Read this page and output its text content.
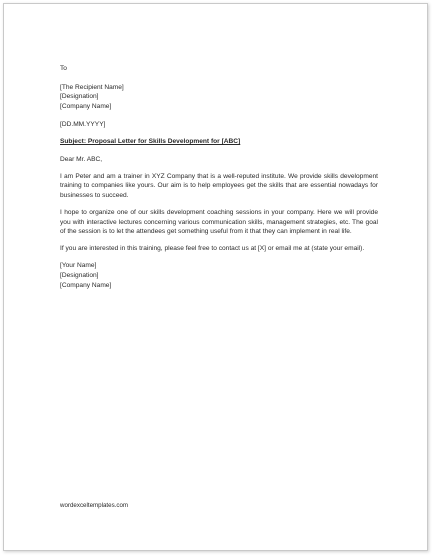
To
[The Recipient Name]
[Designation]
[Company Name]
[DD.MM.YYYY]
Subject: Proposal Letter for Skills Development for [ABC]
Dear Mr. ABC,

I am Peter and am a trainer in XYZ Company that is a well-reputed institute. We provide skills development training to companies like yours. Our aim is to help employees get the skills that are essential nowadays for businesses to succeed.

I hope to organize one of our skills development coaching sessions in your company. Here we will provide you with interactive lectures concerning various communication skills, management strategies, etc. The goal of the session is to let the attendees get something useful from it that they can implement in real life.

If you are interested in this training, please feel free to contact us at [X] or email me at (state your email).

[Your Name]
[Designation]
[Company Name]
wordexceltemplates.com
